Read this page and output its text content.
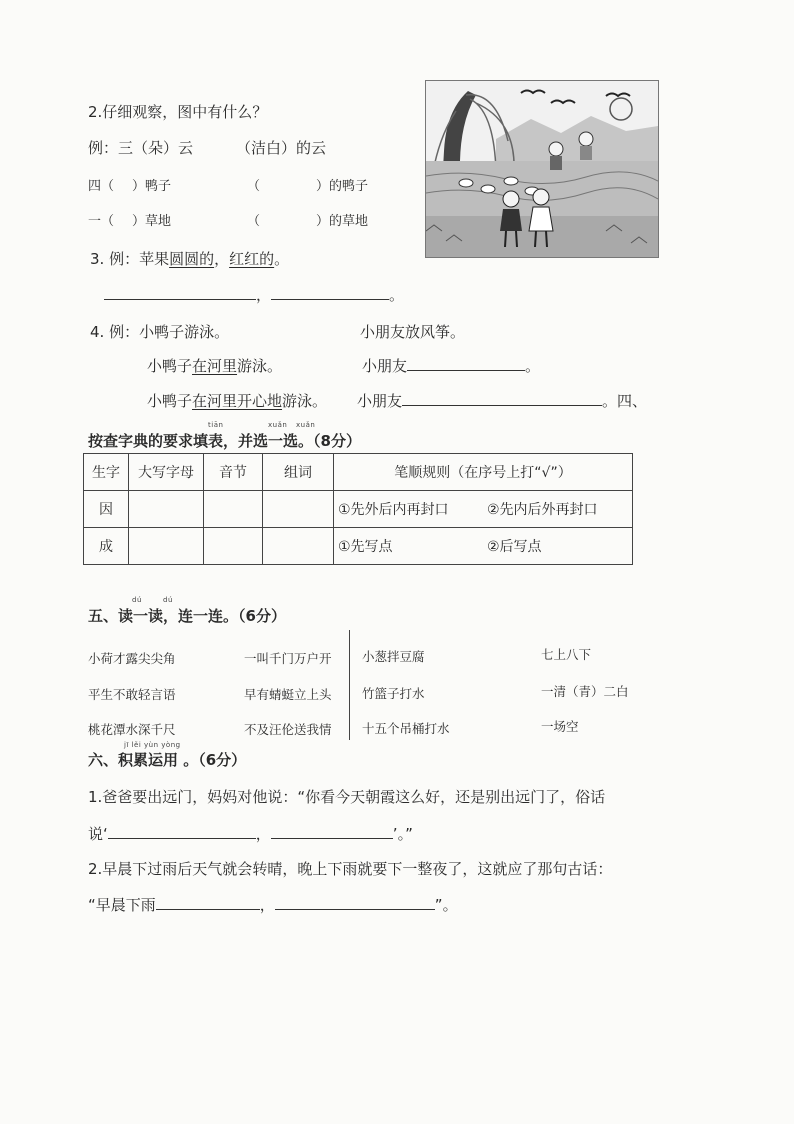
2.仔细观察，图中有什么？
例：三（朵）云	（洁白）的云
四（ ）鸭子	（	）的鸭子
一（ ）草地	（	）的草地
3. 例：苹果圆圆的，红红的。
，	。
4. 例：小鸭子游泳。	小朋友放风筝。
小鸭子在河里游泳。	小朋友	。
小鸭子在河里开心地游泳。 小朋友	。四、
tiān	xuǎn xuǎn
按查字典的要求填表，并选一选。（8分）
生字	大写字母	音节	组词	笔顺规则（在序号上打“√”）	
因				①先外后内再封口	②先内后外再封口
成				①先写点	②后写点
dú	dú
五、读一读，连一连。（6分）
小荷才露尖尖角
平生不敢轻言语
桃花潭水深千尺
一叫千门万户开
早有蜻蜓立上头
不及汪伦送我情
小葱拌豆腐
竹篮子打水
十五个吊桶打水
七上八下
一清（青）二白
一场空
jī lěi yùn yòng
六、积累运用 。（6分）
1.爸爸要出远门，妈妈对他说：“你看今天朝霞这么好，还是别出远门了，俗话
说‘	，	’。”
2.早晨下过雨后天气就会转晴，晚上下雨就要下一整夜了，这就应了那句古话：
“早晨下雨	，	”。
